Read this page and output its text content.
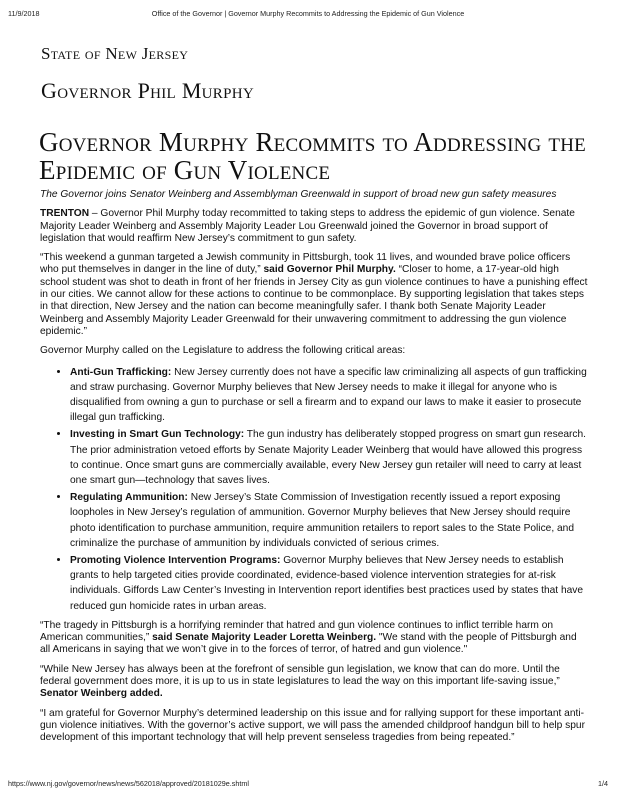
11/9/2018	Office of the Governor | Governor Murphy Recommits to Addressing the Epidemic of Gun Violence
State of New Jersey
Governor Phil Murphy
Governor Murphy Recommits to Addressing the Epidemic of Gun Violence

The Governor joins Senator Weinberg and Assemblyman Greenwald in support of broad new gun safety measures

TRENTON – Governor Phil Murphy today recommitted to taking steps to address the epidemic of gun violence. Senate Majority Leader Weinberg and Assembly Majority Leader Lou Greenwald joined the Governor in broad support of legislation that would reaffirm New Jersey’s commitment to gun safety.

“This weekend a gunman targeted a Jewish community in Pittsburgh, took 11 lives, and wounded brave police officers who put themselves in danger in the line of duty,” said Governor Phil Murphy. “Closer to home, a 17-year-old high school student was shot to death in front of her friends in Jersey City as gun violence continues to have a punishing effect in our cities. We cannot allow for these actions to continue to be commonplace. By supporting legislation that takes steps in that direction, New Jersey and the nation can become meaningfully safer. I thank both Senate Majority Leader Weinberg and Assembly Majority Leader Greenwald for their unwavering commitment to addressing the gun violence epidemic.”

Governor Murphy called on the Legislature to address the following critical areas:

• Anti-Gun Trafficking: New Jersey currently does not have a specific law criminalizing all aspects of gun trafficking and straw purchasing. Governor Murphy believes that New Jersey needs to make it illegal for anyone who is disqualified from owning a gun to purchase or sell a firearm and to expand our laws to make it easier to prosecute illegal gun trafficking.
• Investing in Smart Gun Technology: The gun industry has deliberately stopped progress on smart gun research. The prior administration vetoed efforts by Senate Majority Leader Weinberg that would have allowed this progress to continue. Once smart guns are commercially available, every New Jersey gun retailer will need to carry at least one smart gun—technology that saves lives.
• Regulating Ammunition: New Jersey’s State Commission of Investigation recently issued a report exposing loopholes in New Jersey’s regulation of ammunition. Governor Murphy believes that New Jersey should require photo identification to purchase ammunition, require ammunition retailers to report sales to the State Police, and criminalize the purchase of ammunition by individuals convicted of serious crimes.
• Promoting Violence Intervention Programs: Governor Murphy believes that New Jersey needs to establish grants to help targeted cities provide coordinated, evidence-based violence intervention strategies for at-risk individuals. Giffords Law Center’s Investing in Intervention report identifies best practices used by states that have reduced gun homicide rates in urban areas.

“The tragedy in Pittsburgh is a horrifying reminder that hatred and gun violence continues to inflict terrible harm on American communities,” said Senate Majority Leader Loretta Weinberg. "We stand with the people of Pittsburgh and all Americans in saying that we won’t give in to the forces of terror, of hatred and gun violence."

“While New Jersey has always been at the forefront of sensible gun legislation, we know that can do more. Until the federal government does more, it is up to us in state legislatures to lead the way on this important life-saving issue,” Senator Weinberg added.

“I am grateful for Governor Murphy’s determined leadership on this issue and for rallying support for these important anti-gun violence initiatives. With the governor’s active support, we will pass the amended childproof handgun bill to help spur development of this important technology that will help prevent senseless tragedies from being repeated.”

https://www.nj.gov/governor/news/news/562018/approved/20181029e.shtml	1/4
